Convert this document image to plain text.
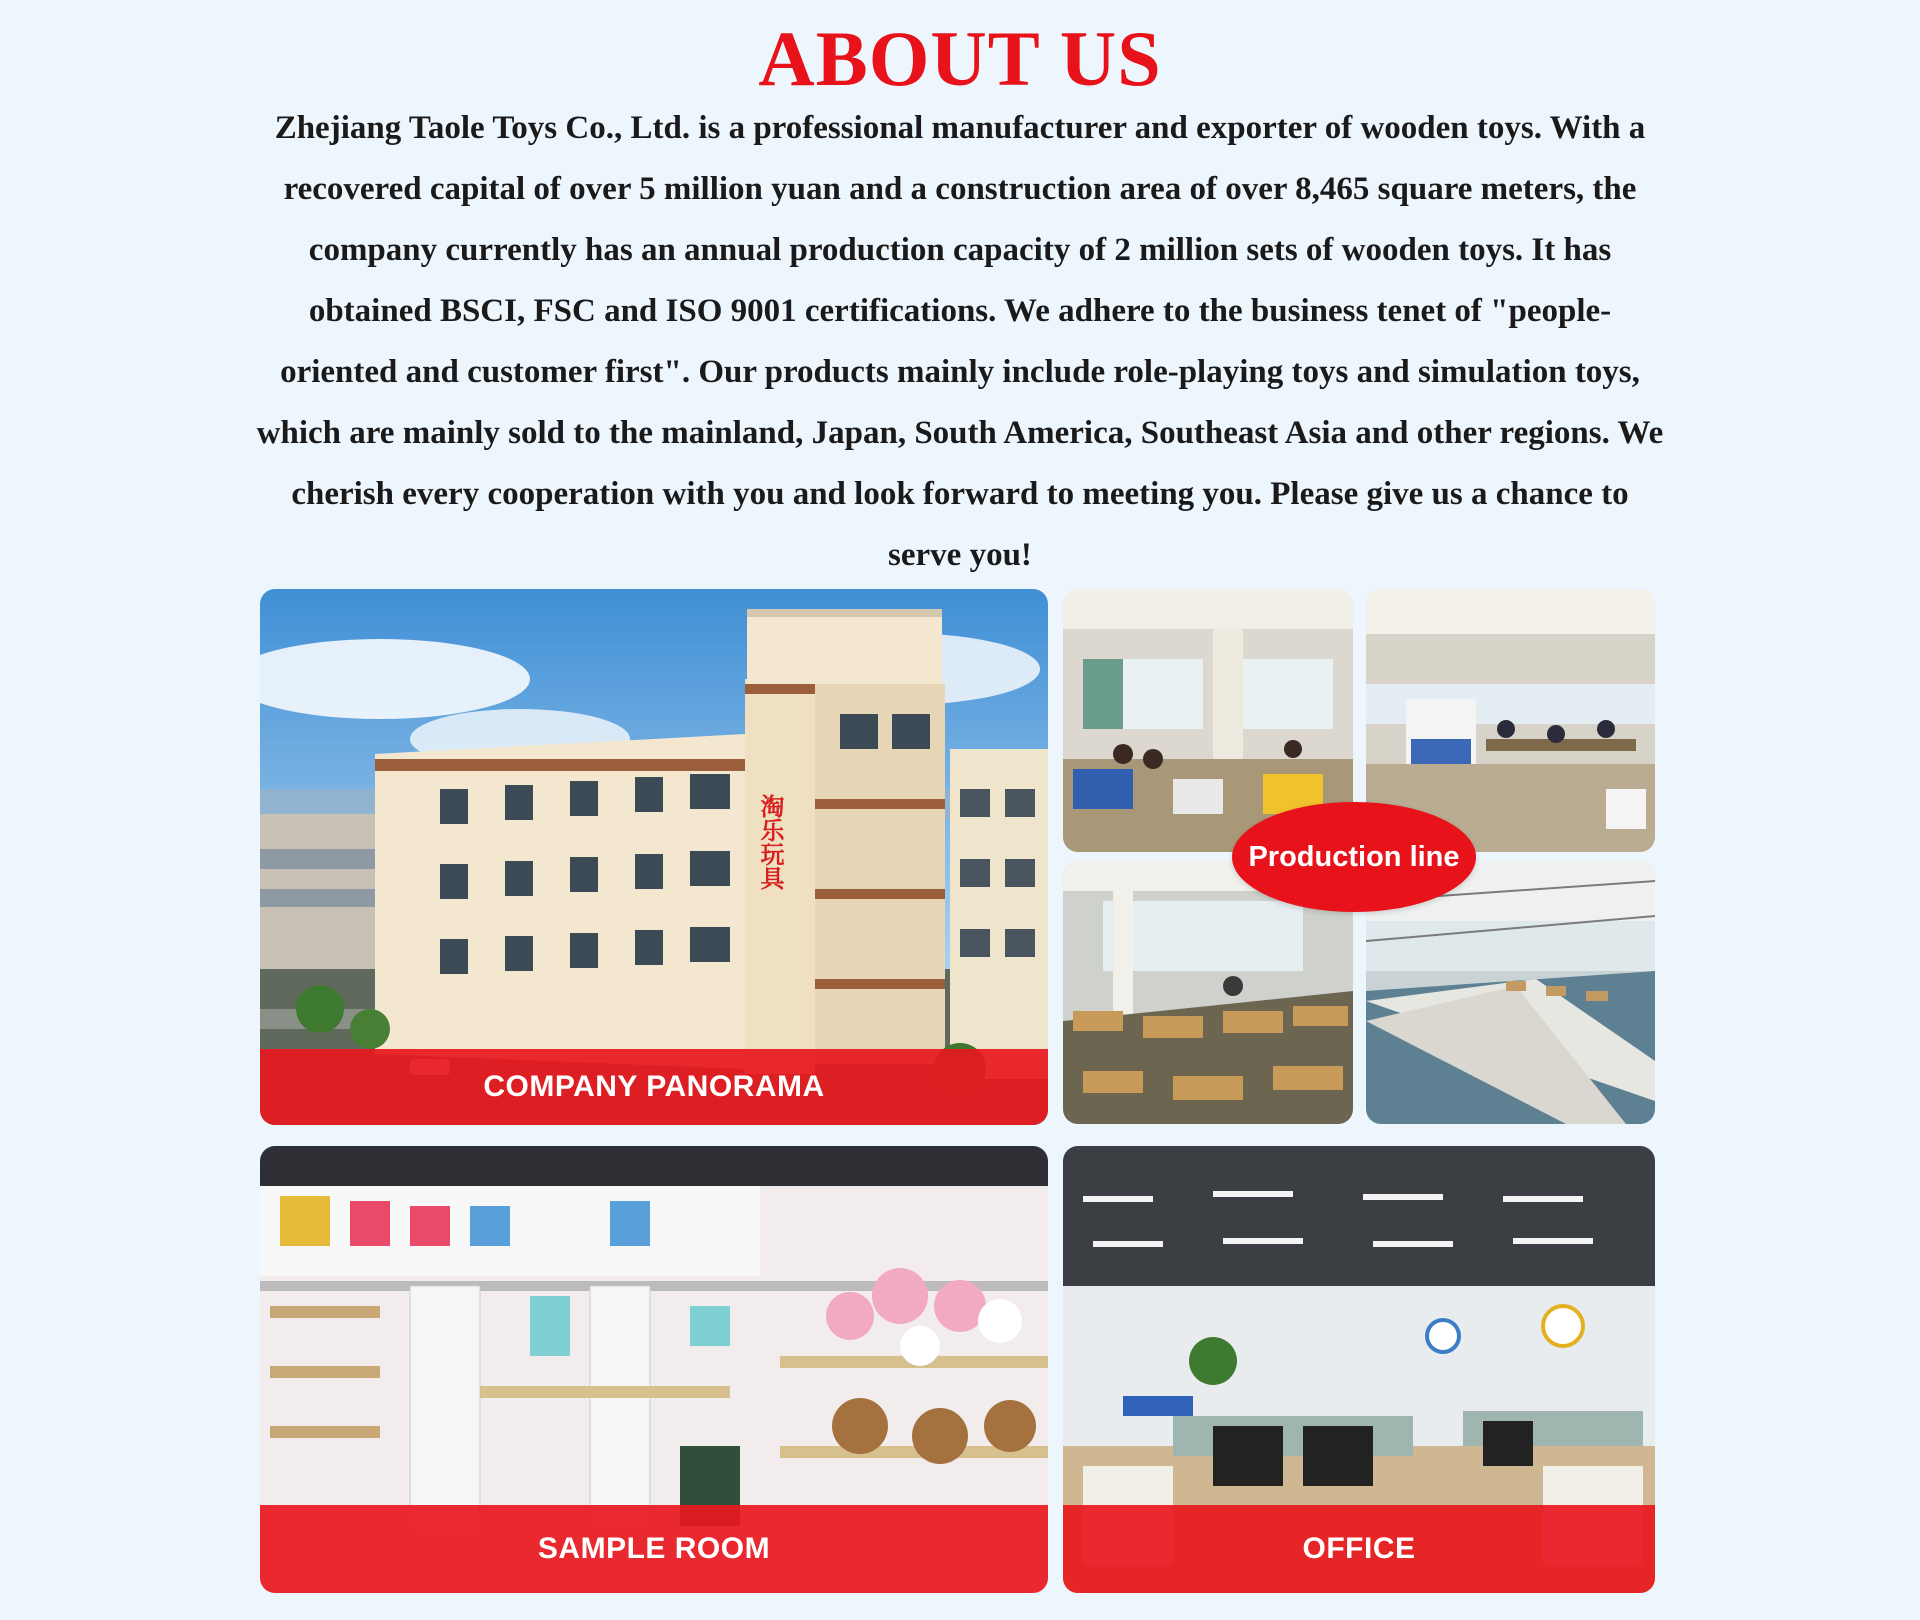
ABOUT US

Zhejiang Taole Toys Co., Ltd. is a professional manufacturer and exporter of wooden toys. With a recovered capital of over 5 million yuan and a construction area of over 8,465 square meters, the company currently has an annual production capacity of 2 million sets of wooden toys. It has obtained BSCI, FSC and ISO 9001 certifications. We adhere to the business tenet of "people-oriented and customer first". Our products mainly include role-playing toys and simulation toys, which are mainly sold to the mainland, Japan, South America, Southeast Asia and other regions. We cherish every cooperation with you and look forward to meeting you. Please give us a chance to serve you!

淘乐玩具
COMPANY PANORAMA
Production line
SAMPLE ROOM	OFFICE
